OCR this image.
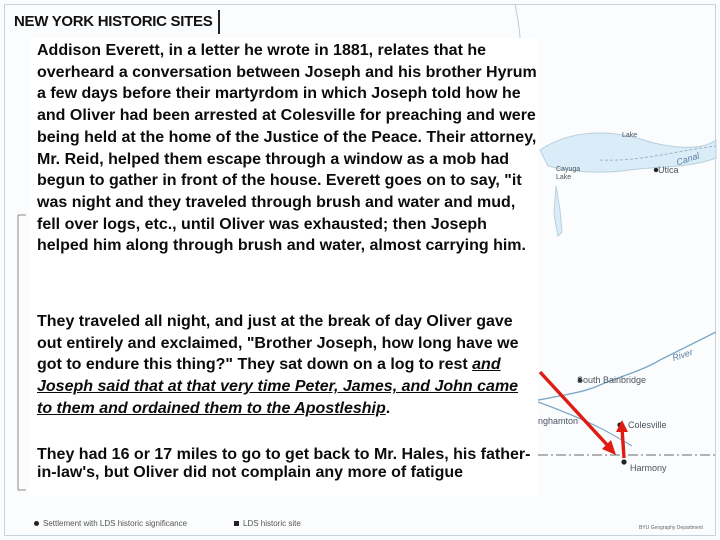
Lake
Canal
Utica
Cayuga Lake
River
South Bainbridge
Colesville
Harmony
nghamton
NEW YORK HISTORIC SITES

Addison Everett, in a letter he wrote in 1881, relates that he overheard a conversation between Joseph and his brother Hyrum a few days before their martyrdom in which Joseph told how he and Oliver had been arrested at Colesville for preaching and were being held at the home of the Justice of the Peace. Their attorney, Mr. Reid, helped them escape through a window as a mob had begun to gather in front of the house. Everett goes on to say, "it was night and they traveled through brush and water and mud, fell over logs, etc., until Oliver was exhausted; then Joseph helped him along through brush and water, almost carrying him.

They traveled all night, and just at the break of day Oliver gave out entirely and exclaimed, "Brother Joseph, how long have we got to endure this thing?" They sat down on a log to rest and Joseph said that at that very time Peter, James, and John came to them and ordained them to the Apostleship.

They had 16 or 17 miles to go to get back to Mr. Hales, his father-in-law's, but Oliver did not complain any more of fatigue

Settlement with LDS historic significance	LDS historic site	BYU Geography Department
